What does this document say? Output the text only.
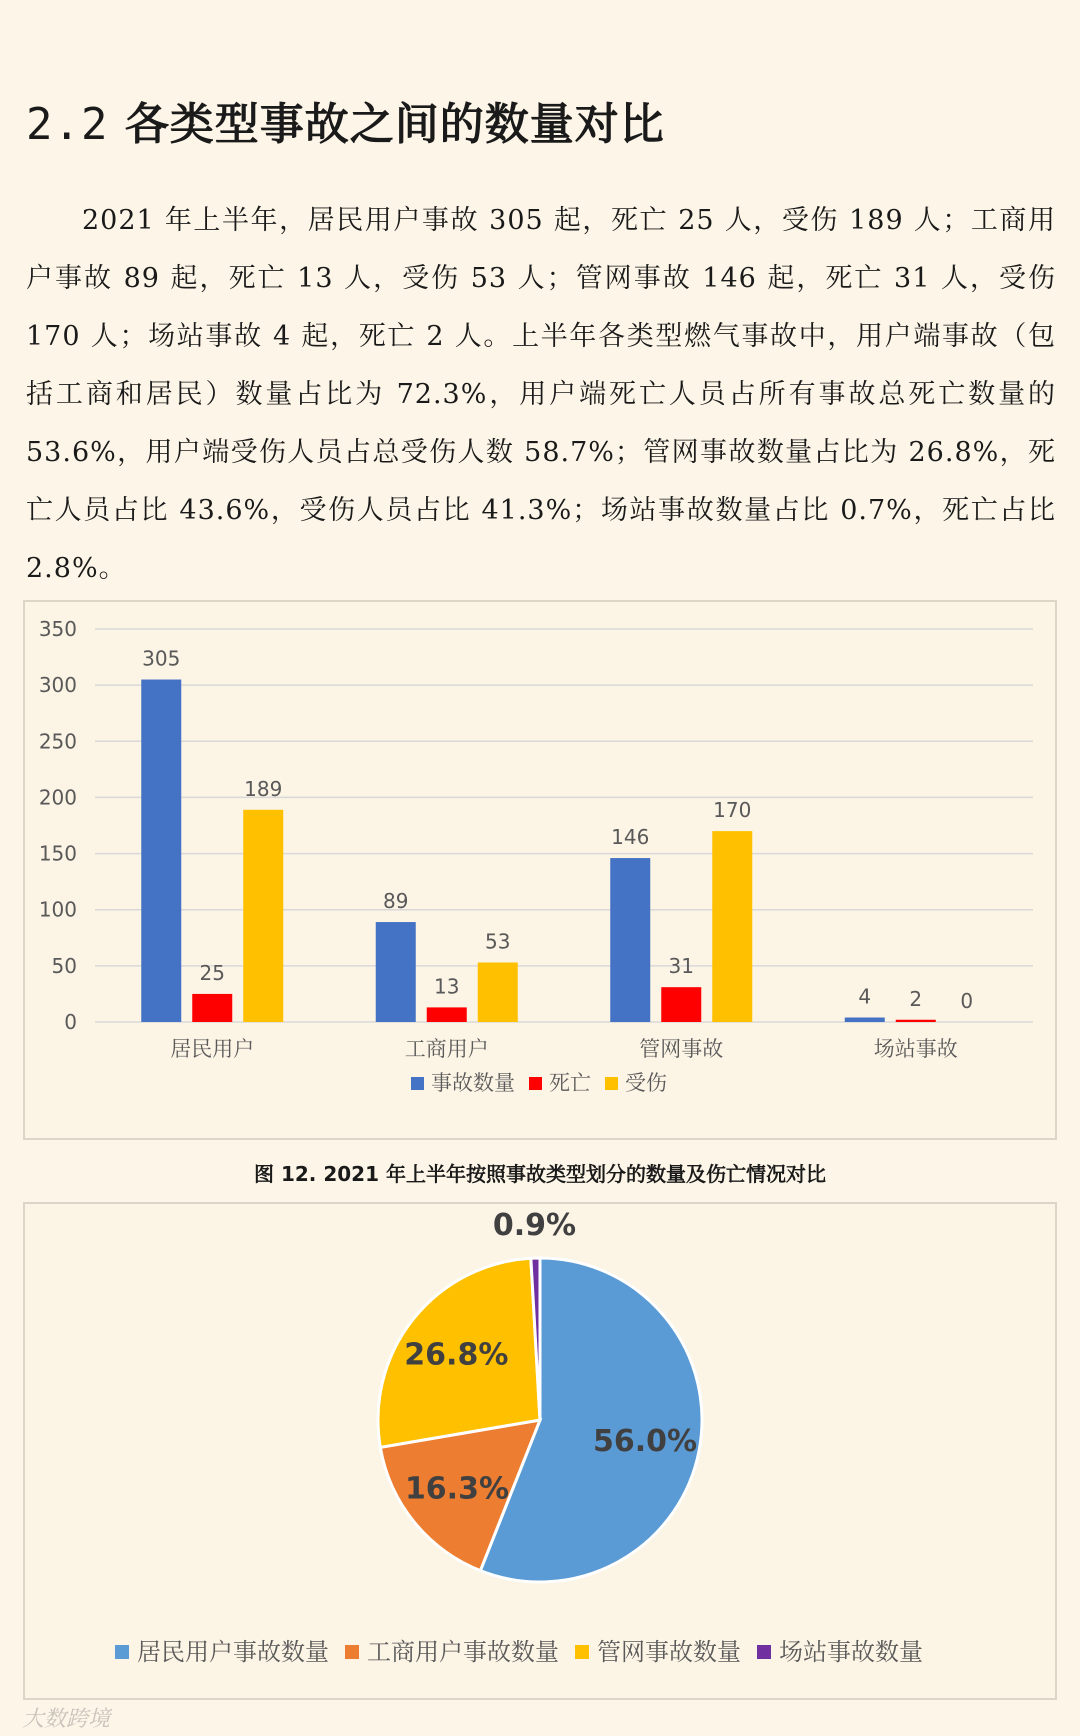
2.2 各类型事故之间的数量对比
2021 年上半年，居民用户事故 305 起，死亡 25 人，受伤 189 人；工商用户事故 89 起，死亡 13 人，受伤 53 人；管网事故 146 起，死亡 31 人，受伤 170 人；场站事故 4 起，死亡 2 人。上半年各类型燃气事故中，用户端事故（包括工商和居民）数量占比为 72.3%，用户端死亡人员占所有事故总死亡数量的 53.6%，用户端受伤人员占总受伤人数 58.7%；管网事故数量占比为 26.8%，死亡人员占比 43.6%，受伤人员占比 41.3%；场站事故数量占比 0.7%，死亡占比 2.8%。
0
50
100
150
200
250
300
350
305
25
189
居民用户
89
13
53
工商用户
146
31
170
管网事故
4 2 0
场站事故
事故数量 死亡 受伤
图 12. 2021 年上半年按照事故类型划分的数量及伤亡情况对比
56.0%
16.3%
26.8%
0.9%
居民用户事故数量 工商用户事故数量 管网事故数量 场站事故数量
大数跨境
